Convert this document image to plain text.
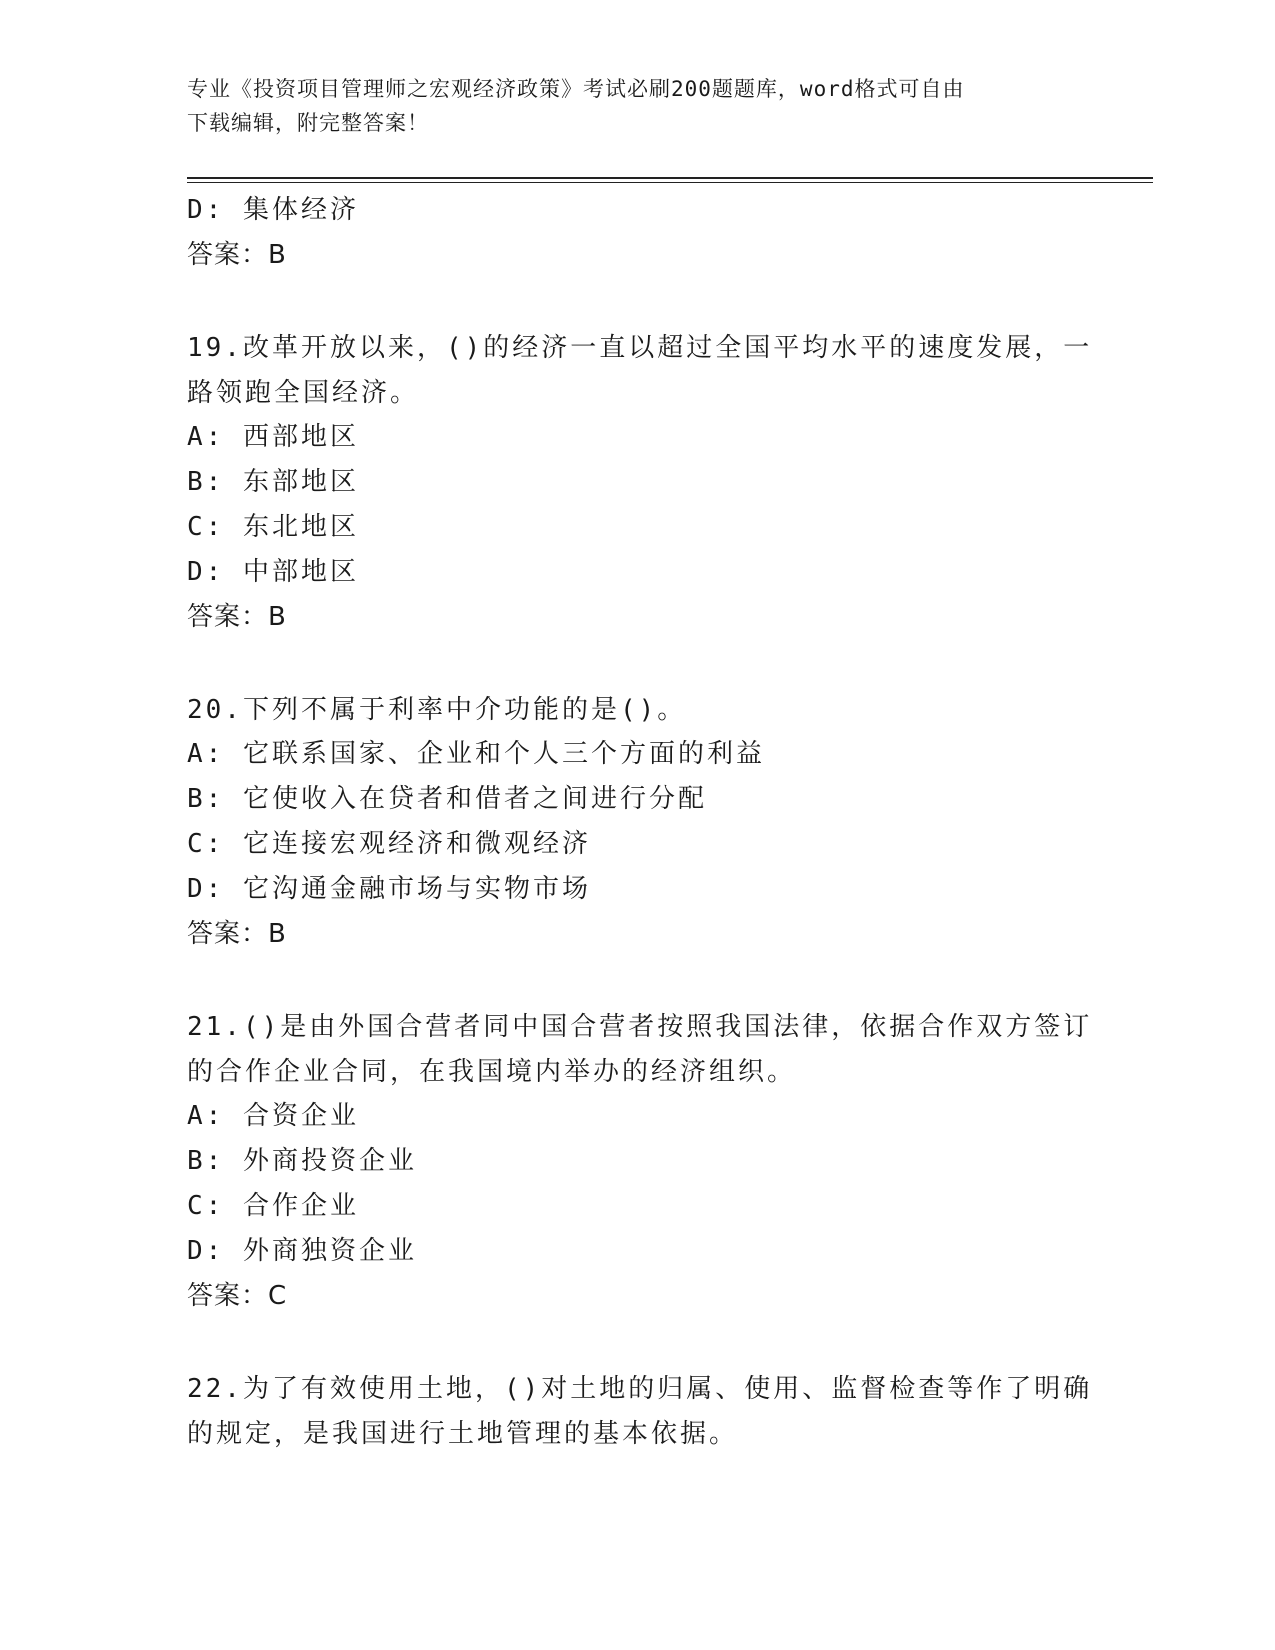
专业《投资项目管理师之宏观经济政策》考试必刷200题题库，word格式可自由
下载编辑，附完整答案！
D: 集体经济
答案：B
19.改革开放以来，()的经济一直以超过全国平均水平的速度发展，一
路领跑全国经济。
A: 西部地区
B: 东部地区
C: 东北地区
D: 中部地区
答案：B
20.下列不属于利率中介功能的是()。
A: 它联系国家、企业和个人三个方面的利益
B: 它使收入在贷者和借者之间进行分配
C: 它连接宏观经济和微观经济
D: 它沟通金融市场与实物市场
答案：B
21.()是由外国合营者同中国合营者按照我国法律，依据合作双方签订
的合作企业合同，在我国境内举办的经济组织。
A: 合资企业
B: 外商投资企业
C: 合作企业
D: 外商独资企业
答案：C
22.为了有效使用土地，()对土地的归属、使用、监督检查等作了明确
的规定，是我国进行土地管理的基本依据。
